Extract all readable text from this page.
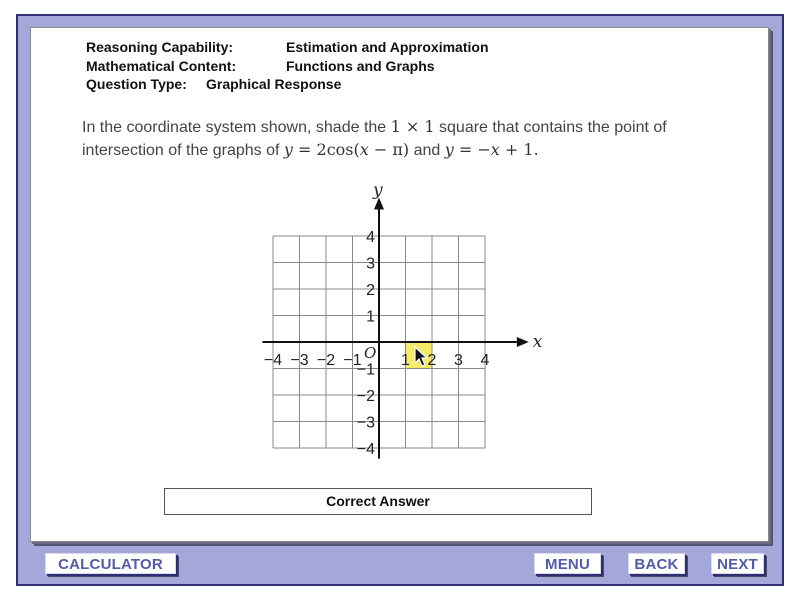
Reasoning Capability:	Estimation and Approximation
Mathematical Content:	Functions and Graphs
Question Type: Graphical Response
In the coordinate system shown, shade the 1 × 1 square that contains the point of
intersection of the graphs of y = 2cos(x − π) and y = −x + 1.
x
y
O
−4 −3 −2 −1 1 2 3 4
4
3
2
1
−1
−2
−3
−4
Correct Answer
CALCULATOR	MENU	BACK	NEXT
